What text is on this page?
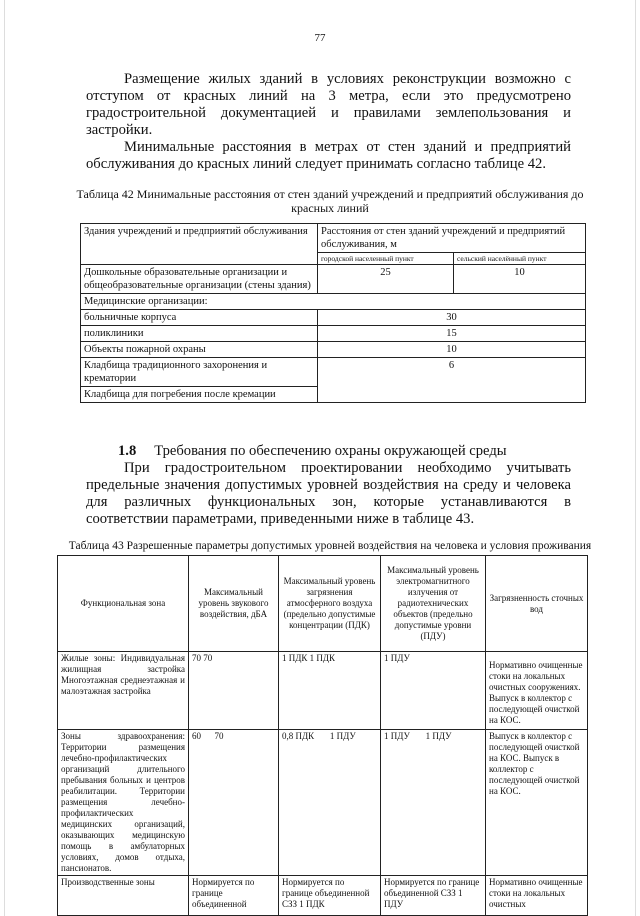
77
Размещение жилых зданий в условиях реконструкции возможно с отступом от красных линий на 3 метра, если это предусмотрено градостроительной документацией и правилами землепользования и застройки.
Минимальные расстояния в метрах от стен зданий и предприятий обслуживания до красных линий следует принимать согласно таблице 42.
Таблица 42 Минимальные расстояния от стен зданий учреждений и предприятий обслуживания до красных линий
Здания учреждений и предприятий обслуживания	Расстояния от стен зданий учреждений и предприятий обслуживания, м	
	городской населенный пункт	сельский населённый пункт
Дошкольные образовательные организации и общеобразовательные организации (стены здания)	25	10
Медицинские организации:		
больничные корпуса	30	
поликлиники	15	
Объекты пожарной охраны	10	
Кладбища традиционного захоронения и крематории	6	
Кладбища для погребения после кремации		
1.8 Требования по обеспечению охраны окружающей среды
При градостроительном проектировании необходимо учитывать предельные значения допустимых уровней воздействия на среду и человека для различных функциональных зон, которые устанавливаются в соответствии параметрами, приведенными ниже в таблице 43.
Таблица 43 Разрешенные параметры допустимых уровней воздействия на человека и условия проживания
Функциональная зона	Максимальный уровень звукового воздействия, дБА	Максимальный уровень загрязнения атмосферного воздуха (предельно допустимые концентрации (ПДК)	Максимальный уровень электромагнитного излучения от радиотехнических объектов (предельно допустимые уровни (ПДУ)	Загрязненность сточных вод
Жилые зоны: Индивидуальная жилищная застройка Многоэтажная среднеэтажная и малоэтажная застройка	70 70	1 ПДК 1 ПДК	1 ПДУ	Нормативно очищенные стоки на локальных очистных сооружениях. Выпуск в коллектор с последующей очисткой на КОС.
Зоны здравоохранения: Территории размещения лечебно-профилактических организаций длительного пребывания больных и центров реабилитации. Территории размещения лечебно-профилактических медицинских организаций, оказывающих медицинскую помощь в амбулаторных условиях, домов отдыха, пансионатов.	60      70	0,8 ПДК       1 ПДУ	1 ПДУ       1 ПДУ	Выпуск в коллектор с последующей очисткой на КОС. Выпуск в коллектор с последующей очисткой на КОС.
Производственные зоны	Нормируется по границе объединенной	Нормируется по границе объединенной СЗЗ 1 ПДК	Нормируется по границе объединенной СЗЗ 1 ПДУ	Нормативно очищенные стоки на локальных очистных
